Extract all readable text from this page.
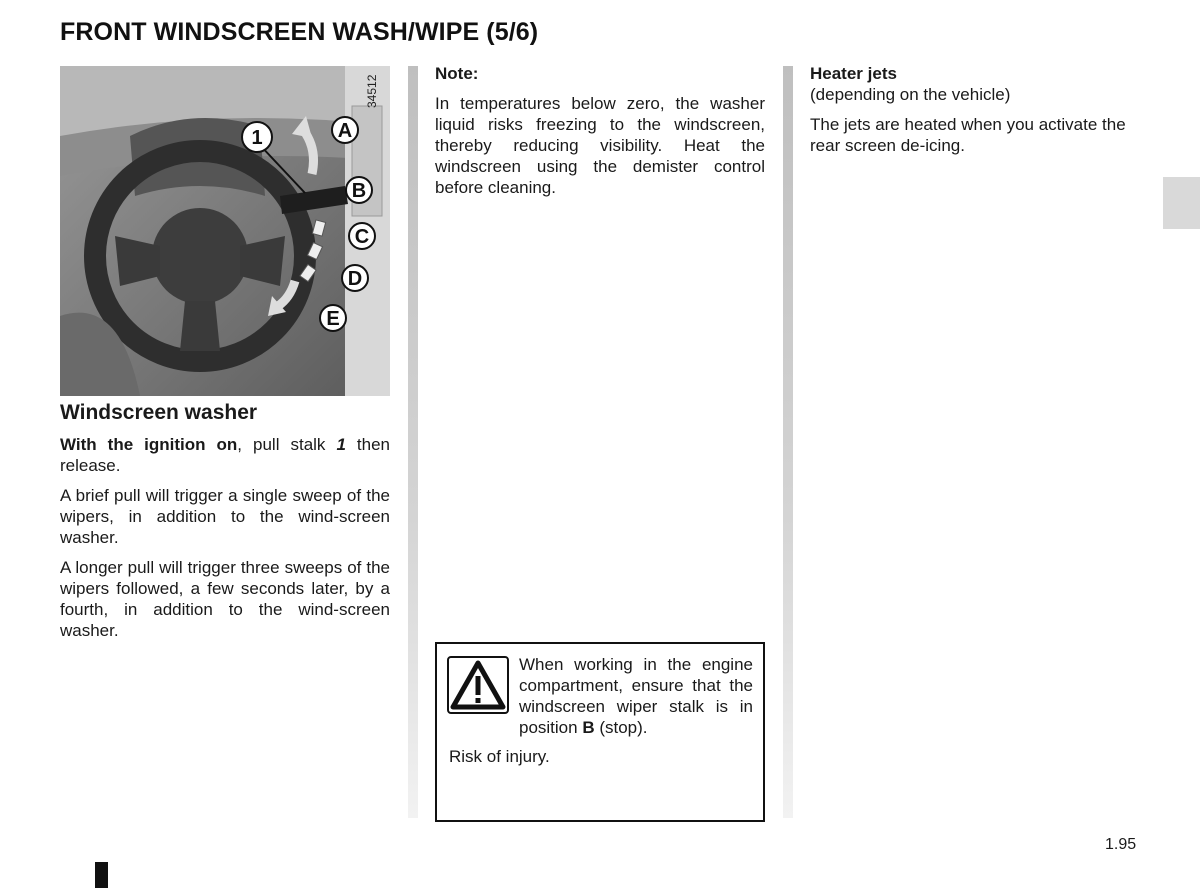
FRONT WINDSCREEN WASH/WIPE (5/6)
34512
1	A
B
C
D
E
Windscreen washer

With the ignition on, pull stalk 1 then release.

A brief pull will trigger a single sweep of the wipers, in addition to the wind-screen washer.

A longer pull will trigger three sweeps of the wipers followed, a few seconds later, by a fourth, in addition to the wind-screen washer.

Note:

In temperatures below zero, the washer liquid risks freezing to the windscreen, thereby reducing visibility. Heat the windscreen using the demister control before cleaning.

When working in the engine compartment, ensure that the windscreen wiper stalk is in position B (stop).
Risk of injury.
Heater jets
(depending on the vehicle)

The jets are heated when you activate the rear screen de-icing.

1.95
